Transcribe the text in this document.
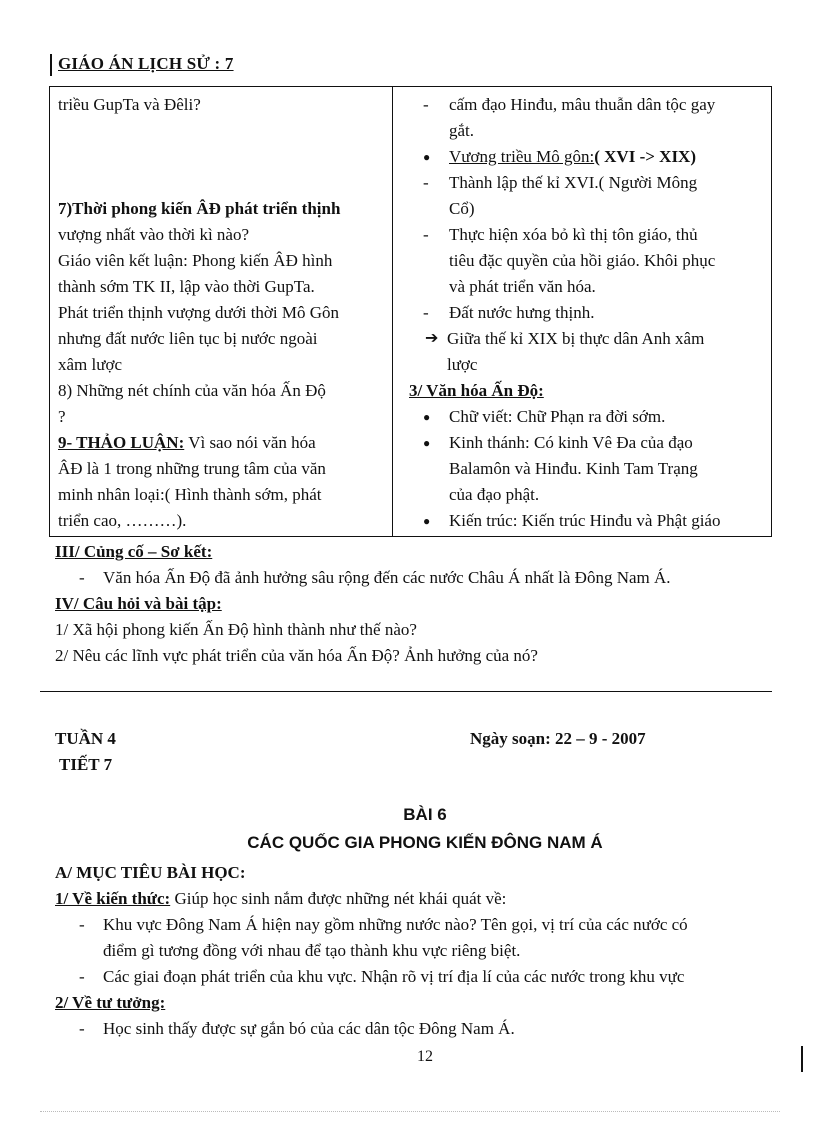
GIÁO ÁN LỊCH SỬ : 7
triều GupTa và Đêli?
7)Thời phong kiến ÂĐ phát triển thịnh
vượng nhất vào thời kì nào?
Giáo viên kết luận: Phong kiến ÂĐ hình
thành sớm TK II, lập vào thời GupTa.
Phát triển thịnh vượng dưới thời Mô Gôn
nhưng đất nước liên tục bị nước ngoài
xâm lược
8) Những nét chính của văn hóa Ấn Độ
?
9- THẢO LUẬN: Vì sao nói văn hóa
ÂĐ là 1 trong những trung tâm của văn
minh nhân loại:( Hình thành sớm, phát
triển cao, ………).

-	cấm đạo Hinđu, mâu thuẫn dân tộc gay
gắt.
●	Vương triều Mô gôn:( XVI -> XIX)
-	Thành lập thế kỉ XVI.( Người Mông
Cổ)
-	Thực hiện xóa bỏ kì thị tôn giáo, thủ
tiêu đặc quyền của hồi giáo. Khôi phục
và phát triển văn hóa.
-	Đất nước hưng thịnh.
➔ Giữa thế kỉ XIX bị thực dân Anh xâm
lược
3/ Văn hóa Ấn Độ:
●	Chữ viết: Chữ Phạn ra đời sớm.
●	Kinh thánh: Có kinh Vê Đa của đạo
Balamôn và Hinđu. Kinh Tam Trạng
của đạo phật.
●	Kiến trúc: Kiến trúc Hinđu và Phật giáo
III/ Củng cố – Sơ kết:
- Văn hóa Ấn Độ đã ảnh hưởng sâu rộng đến các nước Châu Á nhất là Đông Nam Á.
IV/ Câu hỏi và bài tập:
1/ Xã hội phong kiến Ấn Độ hình thành như thế nào?
2/ Nêu các lĩnh vực phát triển của văn hóa Ấn Độ? Ảnh hưởng của nó?
TUẦN 4
TIẾT 7
Ngày soạn: 22 – 9 - 2007
BÀI 6
CÁC QUỐC GIA PHONG KIẾN ĐÔNG NAM Á
A/ MỤC TIÊU BÀI HỌC:
1/ Về kiến thức: Giúp học sinh nắm được những nét khái quát về:
- Khu vực Đông Nam Á hiện nay gồm những nước nào? Tên gọi, vị trí của các nước có
điểm gì tương đồng với nhau để tạo thành khu vực riêng biệt.
- Các giai đoạn phát triển của khu vực. Nhận rõ vị trí địa lí của các nước trong khu vực
2/ Về tư tưởng:
- Học sinh thấy được sự gắn bó của các dân tộc Đông Nam Á.
12
